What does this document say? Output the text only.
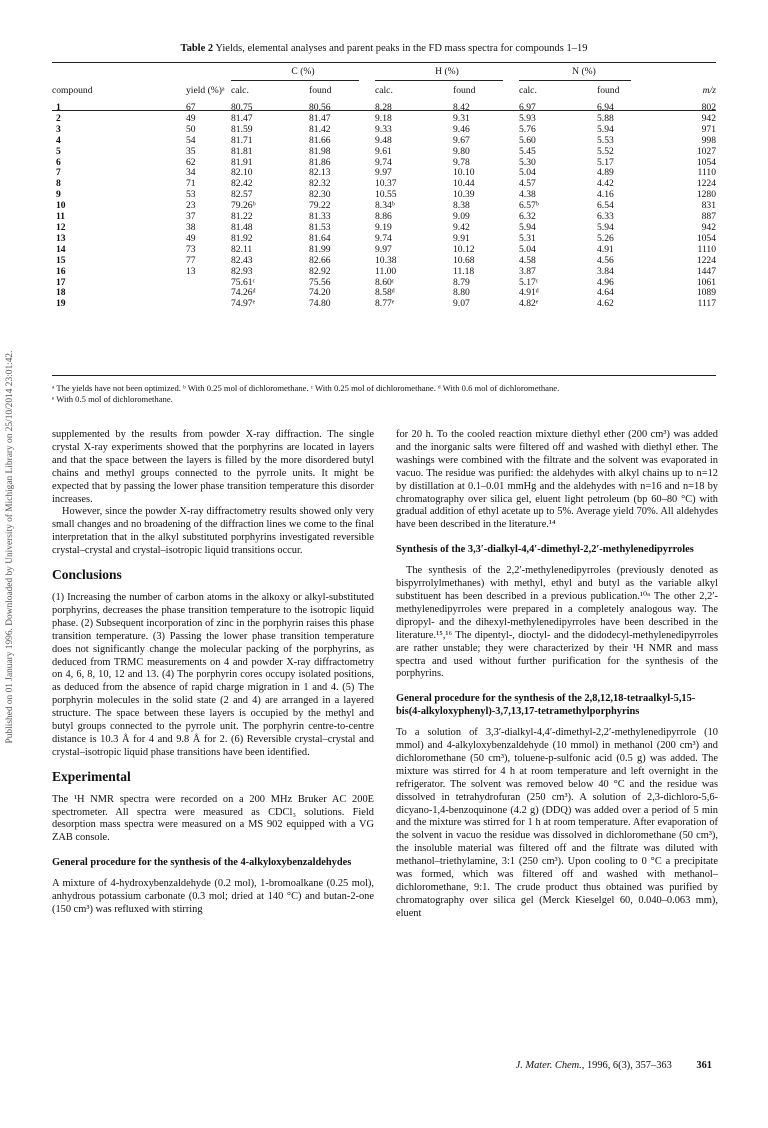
Published on 01 January 1996. Downloaded by University of Michigan Library on 25/10/2014 23:01:42.
Table 2 Yields, elemental analyses and parent peaks in the FD mass spectra for compounds 1–19
		C (%)		H (%)		N (%)		
compound	yield (%)ᵃ	calc.	found	calc.	found	calc.	found	m/z
1	67	80.75	80.56	8.28	8.42	6.97	6.94	802
2	49	81.47	81.47	9.18	9.31	5.93	5.88	942
3	50	81.59	81.42	9.33	9.46	5.76	5.94	971
4	54	81.71	81.66	9.48	9.67	5.60	5.53	998
5	35	81.81	81.98	9.61	9.80	5.45	5.52	1027
6	62	81.91	81.86	9.74	9.78	5.30	5.17	1054
7	34	82.10	82.13	9.97	10.10	5.04	4.89	1110
8	71	82.42	82.32	10.37	10.44	4.57	4.42	1224
9	53	82.57	82.30	10.55	10.39	4.38	4.16	1280
10	23	79.26ᵇ	79.22	8.34ᵇ	8.38	6.57ᵇ	6.54	831
11	37	81.22	81.33	8.86	9.09	6.32	6.33	887
12	38	81.48	81.53	9.19	9.42	5.94	5.94	942
13	49	81.92	81.64	9.74	9.91	5.31	5.26	1054
14	73	82.11	81.99	9.97	10.12	5.04	4.91	1110
15	77	82.43	82.66	10.38	10.68	4.58	4.56	1224
16	13	82.93	82.92	11.00	11.18	3.87	3.84	1447
17		75.61ᶜ	75.56	8.60ᶜ	8.79	5.17ᶜ	4.96	1061
18		74.26ᵈ	74.20	8.58ᵈ	8.80	4.91ᵈ	4.64	1089
19		74.97ᵉ	74.80	8.77ᵉ	9.07	4.82ᵉ	4.62	1117
ᵃ The yields have not been optimized. ᵇ With 0.25 mol of dichloromethane. ᶜ With 0.25 mol of dichloromethane. ᵈ With 0.6 mol of dichloromethane.
ᵉ With 0.5 mol of dichloromethane.

supplemented by the results from powder X-ray diffraction. The single crystal X-ray experiments showed that the porphyrins are located in layers and that the space between the layers is filled by the more disordered butyl chains and methyl groups connected to the pyrrole units. It might be expected that by passing the lower phase transition temperature this disorder increases.

However, since the powder X-ray diffractometry results showed only very small changes and no broadening of the diffraction lines we come to the final interpretation that in the alkyl substituted porphyrins investigated reversible crystal–crystal and crystal–isotropic liquid transitions occur.

Conclusions

(1) Increasing the number of carbon atoms in the alkoxy or alkyl-substituted porphyrins, decreases the phase transition temperature to the isotropic liquid phase. (2) Subsequent incorporation of zinc in the porphyrin raises this phase transition temperature. (3) Passing the lower phase transition temperature does not significantly change the molecular packing of the porphyrins, as deduced from TRMC measurements on 4 and powder X-ray diffractometry on 4, 6, 8, 10, 12 and 13. (4) The porphyrin cores occupy isolated positions, as deduced from the absence of rapid charge migration in 1 and 4. (5) The porphyrin molecules in the solid state (2 and 4) are arranged in a layered structure. The space between these layers is occupied by the methyl and butyl groups connected to the pyrrole unit. The porphyrin centre-to-centre distance is 10.3 Å for 4 and 9.8 Å for 2. (6) Reversible crystal–crystal and crystal–isotropic liquid phase transitions have been identified.

Experimental

The ¹H NMR spectra were recorded on a 200 MHz Bruker AC 200E spectrometer. All spectra were measured as CDCl₃ solutions. Field desorption mass spectra were measured on a MS 902 equipped with a VG ZAB console.

General procedure for the synthesis of the 4-alkyloxybenzaldehydes

A mixture of 4-hydroxybenzaldehyde (0.2 mol), 1-bromoalkane (0.25 mol), anhydrous potassium carbonate (0.3 mol; dried at 140 °C) and butan-2-one (150 cm³) was refluxed with stirring

for 20 h. To the cooled reaction mixture diethyl ether (200 cm³) was added and the inorganic salts were filtered off and washed with diethyl ether. The washings were combined with the filtrate and the solvent was evaporated in vacuo. The residue was purified: the aldehydes with alkyl chains up to n=12 by distillation at 0.1–0.01 mmHg and the aldehydes with n=16 and n=18 by chromatography over silica gel, eluent light petroleum (bp 60–80 °C) with gradual addition of ethyl acetate up to 5%. Average yield 70%. All aldehydes have been described in the literature.¹⁴

Synthesis of the 3,3′-dialkyl-4,4′-dimethyl-2,2′-methylenedipyrroles

The synthesis of the 2,2′-methylenedipyrroles (previously denoted as bispyrrolylmethanes) with methyl, ethyl and butyl as the variable alkyl substituent has been described in a previous publication.¹⁰ᵃ The other 2,2′-methylenedipyrroles were prepared in a completely analogous way. The dipropyl- and the dihexyl-methylenedipyrroles have been described in the literature.¹⁵,¹⁶ The dipentyl-, dioctyl- and the didodecyl-methylenedipyrroles are rather unstable; they were characterized by their ¹H NMR and mass spectra and used without further purification for the synthesis of the porphyrins.

General procedure for the synthesis of the 2,8,12,18-tetraalkyl-5,15-bis(4-alkyloxyphenyl)-3,7,13,17-tetramethylporphyrins

To a solution of 3,3′-dialkyl-4,4′-dimethyl-2,2′-methylenedipyrrole (10 mmol) and 4-alkyloxybenzaldehyde (10 mmol) in methanol (200 cm³) and dichloromethane (50 cm³), toluene-p-sulfonic acid (0.5 g) was added. The mixture was stirred for 4 h at room temperature and left overnight in the refrigerator. The solvent was removed below 40 °C and the residue was dissolved in tetrahydrofuran (250 cm³). A solution of 2,3-dichloro-5,6-dicyano-1,4-benzoquinone (4.2 g) (DDQ) was added over a period of 5 min and the mixture was stirred for 1 h at room temperature. After evaporation of the solvent in vacuo the residue was dissolved in dichloromethane (50 cm³), the insoluble material was filtered off and the filtrate was diluted with methanol–triethylamine, 3:1 (250 cm³). Upon cooling to 0 °C a precipitate was formed, which was filtered off and washed with methanol–dichloromethane, 9:1. The crude product thus obtained was purified by chromatography over silica gel (Merck Kieselgel 60, 0.040–0.063 mm), eluent

J. Mater. Chem., 1996, 6(3), 357–363 361
